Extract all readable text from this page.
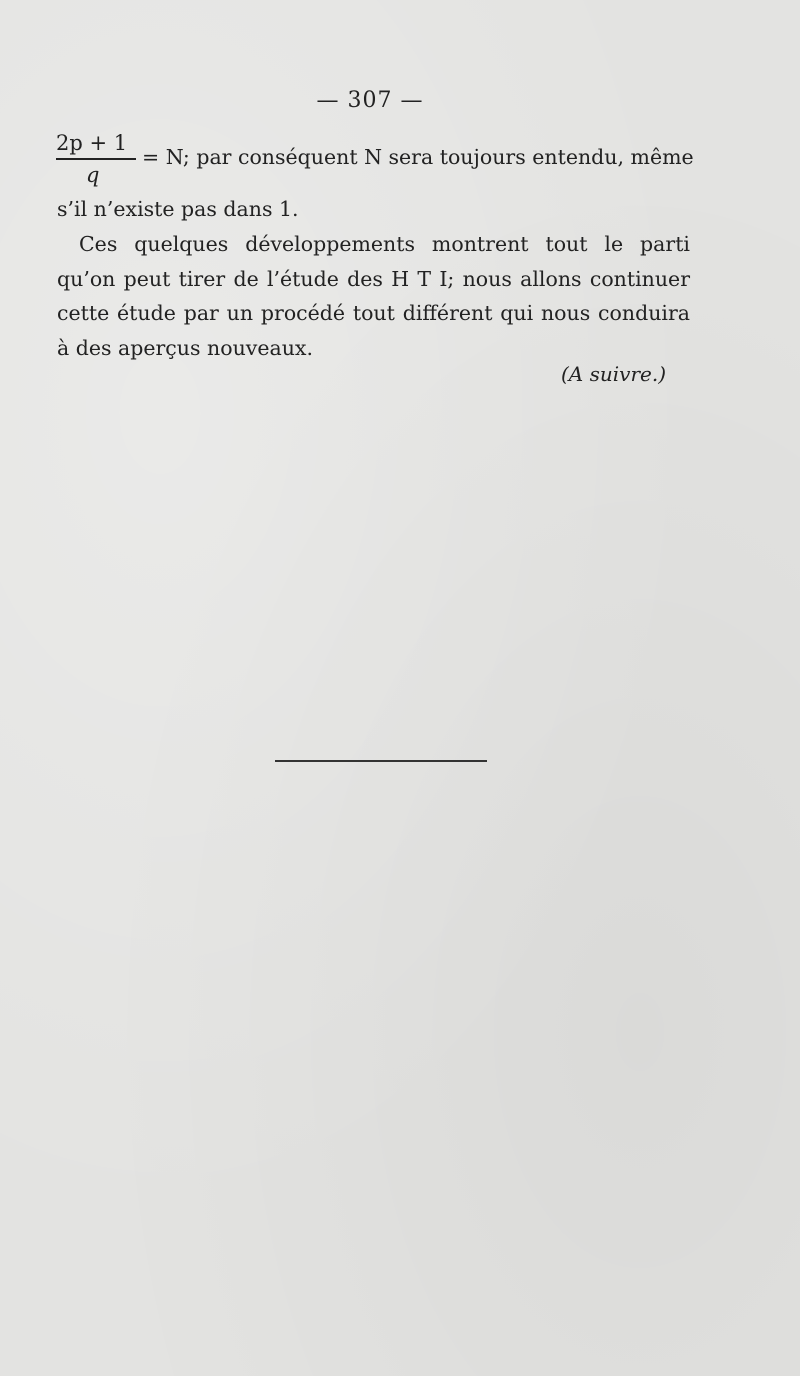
— 307 —
2p + 1
q
= N; par conséquent N sera toujours entendu, même
s’il n’existe pas dans 1.
Ces quelques développements montrent tout le parti qu’on peut tirer de l’étude des H T I; nous allons continuer cette étude par un procédé tout différent qui nous conduira à des aperçus nouveaux.
(A suivre.)
